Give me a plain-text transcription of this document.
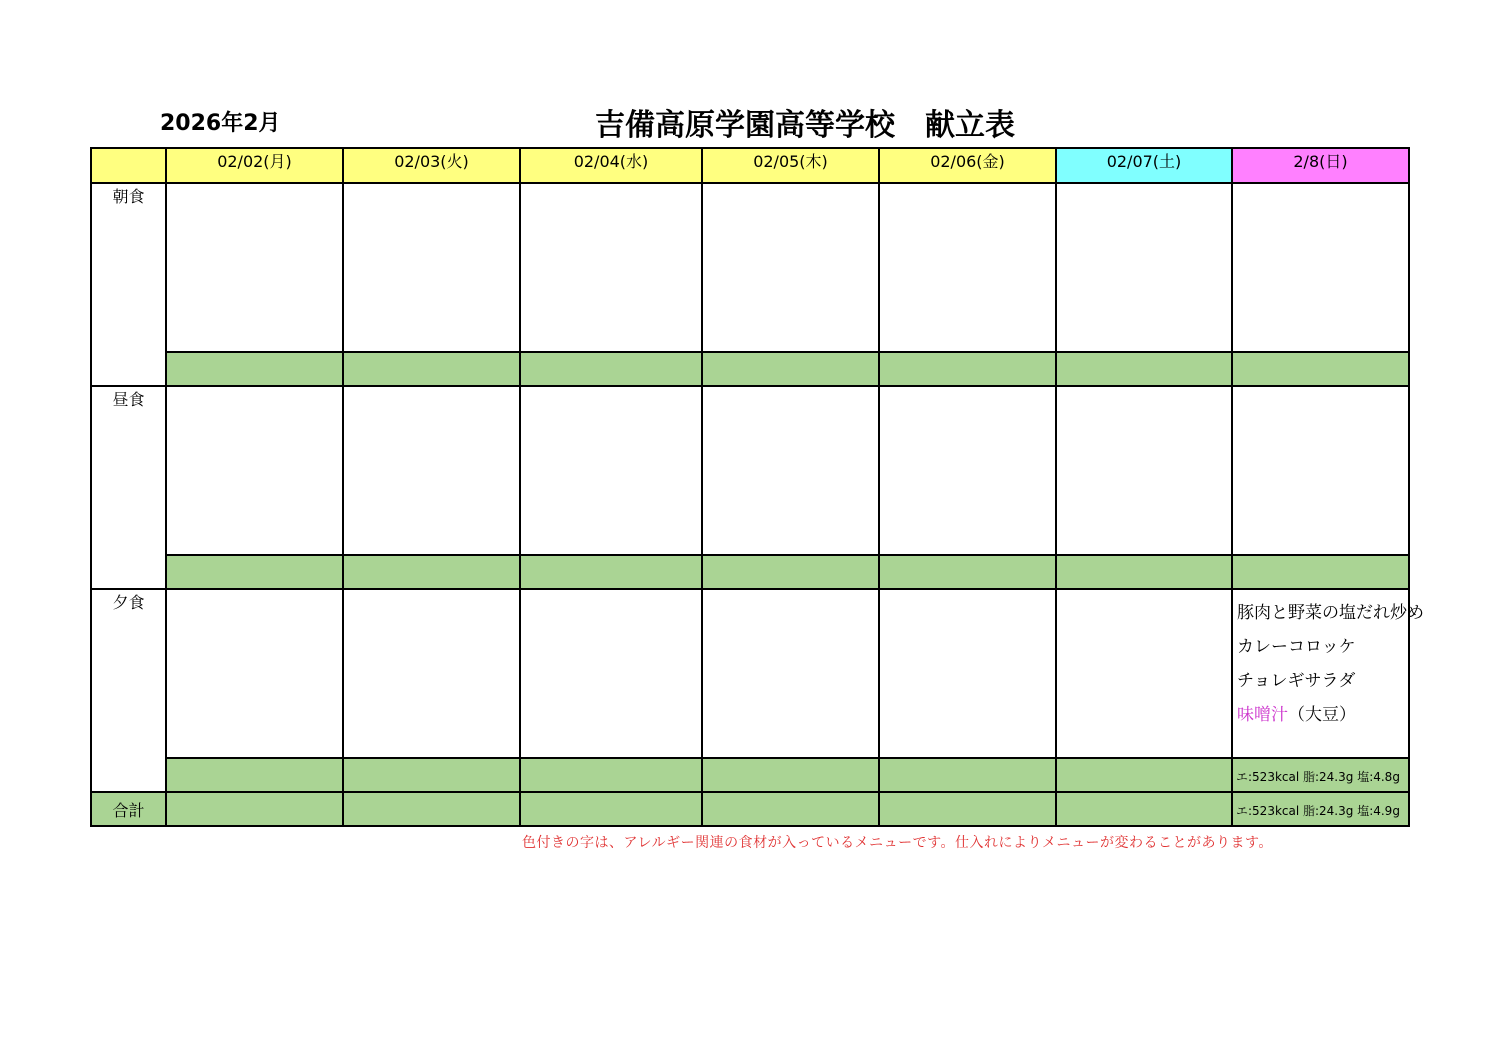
2026年2月	吉備高原学園高等学校　献立表
	02/02(月)	02/03(火)	02/04(水)	02/05(木)	02/06(金)	02/07(土)	2/8(日)
朝食							

昼食							

夕食							豚肉と野菜の塩だれ炒め
カレーコロッケ
チョレギサラダ
味噌汁（大豆）

							エ:523kcal 脂:24.3g 塩:4.8g
合計							エ:523kcal 脂:24.3g 塩:4.9g
色付きの字は、アレルギー関連の食材が入っているメニューです。仕入れによりメニューが変わることがあります。
